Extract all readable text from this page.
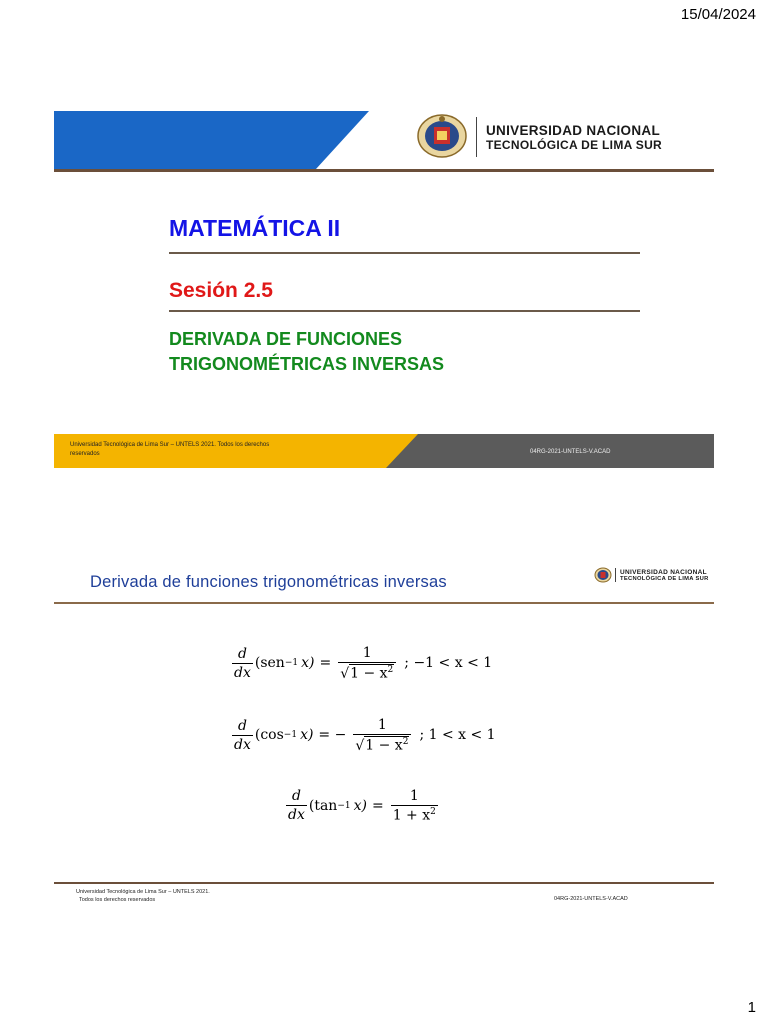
15/04/2024
UNIVERSIDAD NACIONAL
TECNOLÓGICA DE LIMA SUR
MATEMÁTICA II
Sesión 2.5
DERIVADA DE FUNCIONES
TRIGONOMÉTRICAS INVERSAS
Universidad Tecnológica de Lima Sur – UNTELS 2021. Todos los derechos
reservados	04RG-2021-UNTELS-V.ACAD
Derivada de funciones trigonométricas inversas
UNIVERSIDAD NACIONAL
TECNOLÓGICA DE LIMA SUR
$\frac{d}{dx} (sen -1$ $x) = \frac{1}{√ 1 - x^2}$ ; −1 < x < 1
$\frac{d}{dx} (\cos -1$ x) = − $\frac{1}{√ 1 - x^2}$ ; 1 < x < 1
$\frac{d}{dx} (\tan -1$ $x) = \frac{1}{1 + x^2}$
Universidad Tecnológica de Lima Sur – UNTELS 2021.
Todos los derechos reservados	04RG-2021-UNTELS-V.ACAD
1
